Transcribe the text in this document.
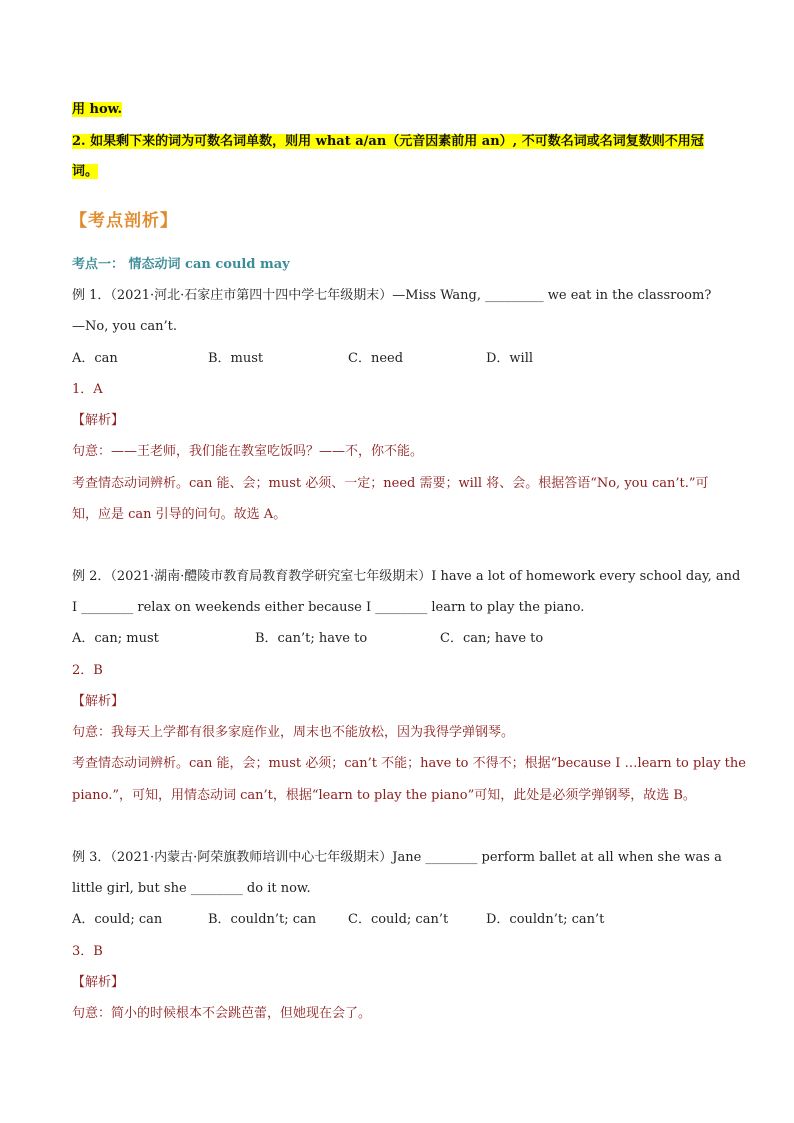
用 how.
2. 如果剩下来的词为可数名词单数，则用 what a/an（元音因素前用 an）, 不可数名词或名词复数则不用冠
词。
【考点剖析】
考点一： 情态动词 can could may
例 1．（2021·河北·石家庄市第四十四中学七年级期末）—Miss Wang, _________ we eat in the classroom?
—No, you can’t.
A．can	B．must	C．need	D．will
1．A
【解析】
句意：——王老师，我们能在教室吃饭吗？——不，你不能。
考查情态动词辨析。can 能、会；must 必须、一定；need 需要；will 将、会。根据答语“No, you can’t.”可
知，应是 can 引导的问句。故选 A。
例 2．（2021·湖南·醴陵市教育局教育教学研究室七年级期末）I have a lot of homework every school day, and
I ________ relax on weekends either because I ________ learn to play the piano.
A．can; must	B．can’t; have to	C．can; have to
2．B
【解析】
句意：我每天上学都有很多家庭作业，周末也不能放松，因为我得学弹钢琴。
考查情态动词辨析。can 能，会；must 必须；can’t 不能；have to 不得不；根据“because I …learn to play the
piano.”，可知，用情态动词 can’t，根据“learn to play the piano”可知，此处是必须学弹钢琴，故选 B。
例 3．（2021·内蒙古·阿荣旗教师培训中心七年级期末）Jane ________ perform ballet at all when she was a
little girl, but she ________ do it now.
A．could; can	B．couldn’t; can C．could; can’t	D．couldn’t; can’t
3．B
【解析】
句意：简小的时候根本不会跳芭蕾，但她现在会了。
